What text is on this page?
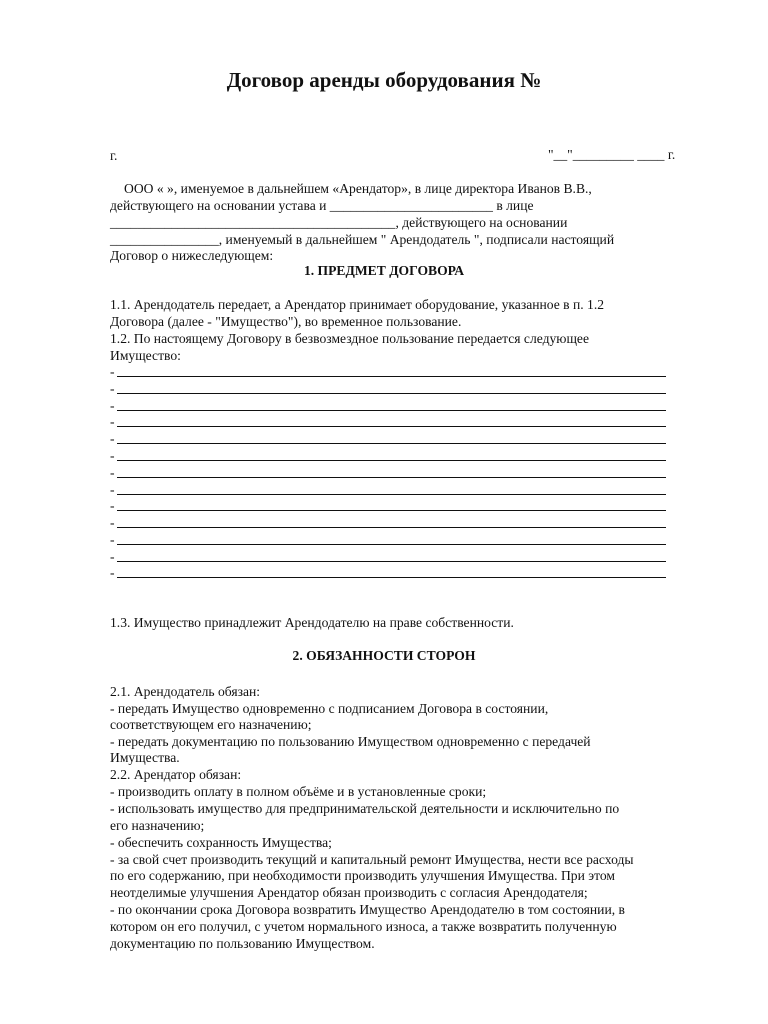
Договор аренды оборудования №
г.	"__"_________ ____ г.
ООО « », именуемое в дальнейшем «Арендатор», в лице директора Иванов В.В.,
действующего на основании устава и ________________________ в лице
__________________________________________, действующего на основании
________________, именуемый в дальнейшем " Арендодатель ", подписали настоящий
Договор о нижеследующем:
1. ПРЕДМЕТ ДОГОВОРА
1.1. Арендодатель передает, а Арендатор принимает оборудование, указанное в п. 1.2
Договора (далее - "Имущество"), во временное пользование.
1.2. По настоящему Договору в безвозмездное пользование передается следующее
Имущество:
-
-
-
-
-
-
-
-
-
-
-
-
-
1.3. Имущество принадлежит Арендодателю на праве собственности.
2. ОБЯЗАННОСТИ СТОРОН
2.1. Арендодатель обязан:
- передать Имущество одновременно с подписанием Договора в состоянии,
соответствующем его назначению;
- передать документацию по пользованию Имуществом одновременно с передачей
Имущества.
2.2. Арендатор обязан:
- производить оплату в полном объёме и в установленные сроки;
- использовать имущество для предпринимательской деятельности и исключительно по
его назначению;
- обеспечить сохранность Имущества;
- за свой счет производить текущий и капитальный ремонт Имущества, нести все расходы
по его содержанию, при необходимости производить улучшения Имущества. При этом
неотделимые улучшения Арендатор обязан производить с согласия Арендодателя;
- по окончании срока Договора возвратить Имущество Арендодателю в том состоянии, в
котором он его получил, с учетом нормального износа, а также возвратить полученную
документацию по пользованию Имуществом.
